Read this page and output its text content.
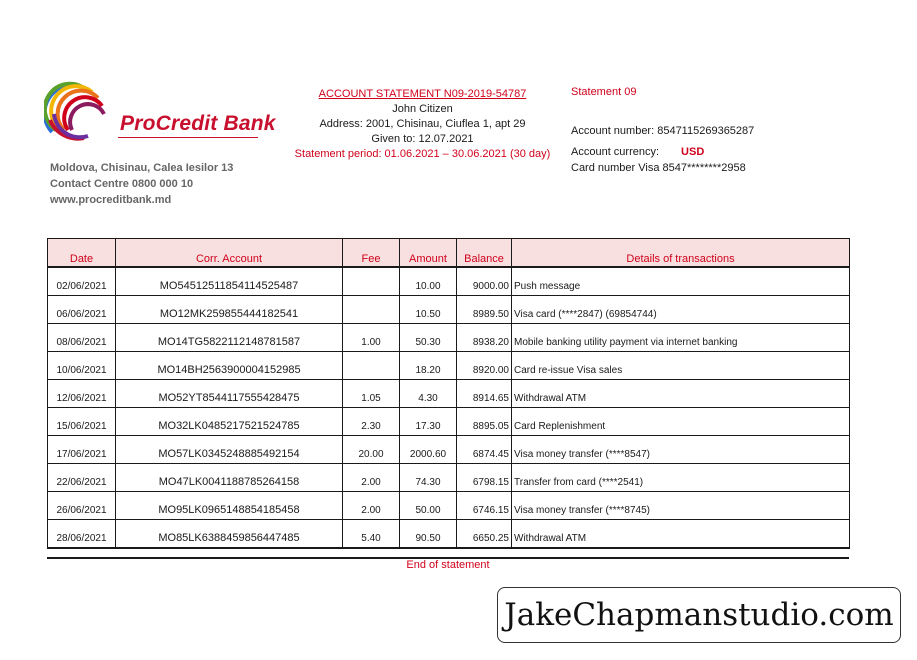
ProCredit Bank
Moldova, Chisinau, Calea Iesilor 13
Contact Centre 0800 000 10
www.procreditbank.md
ACCOUNT STATEMENT N09-2019-54787
John Citizen
Address: 2001, Chisinau, Ciuflea 1, apt 29
Given to: 12.07.2021
Statement period: 01.06.2021 – 30.06.2021 (30 day)
Statement 09
Account number: 8547115269365287
Account currency: USD
Card number Visa 8547********2958
Date	Corr. Account	Fee	Amount	Balance	Details of transactions
02/06/2021	MO54512511854114525487		10.00	9000.00	Push message
06/06/2021	MO12MK259855444182541		10.50	8989.50	Visa card (****2847) (69854744)
08/06/2021	MO14TG5822112148781587	1.00	50.30	8938.20	Mobile banking utility payment via internet banking
10/06/2021	MO14BH2563900004152985		18.20	8920.00	Card re-issue Visa sales
12/06/2021	MO52YT8544117555428475	1.05	4.30	8914.65	Withdrawal ATM
15/06/2021	MO32LK0485217521524785	2.30	17.30	8895.05	Card Replenishment
17/06/2021	MO57LK0345248885492154	20.00	2000.60	6874.45	Visa money transfer (****8547)
22/06/2021	MO47LK0041188785264158	2.00	74.30	6798.15	Transfer from card (****2541)
26/06/2021	MO95LK0965148854185458	2.00	50.00	6746.15	Visa money transfer (****8745)
28/06/2021	MO85LK6388459856447485	5.40	90.50	6650.25	Withdrawal ATM
End of statement
JakeChapmanstudio.com
